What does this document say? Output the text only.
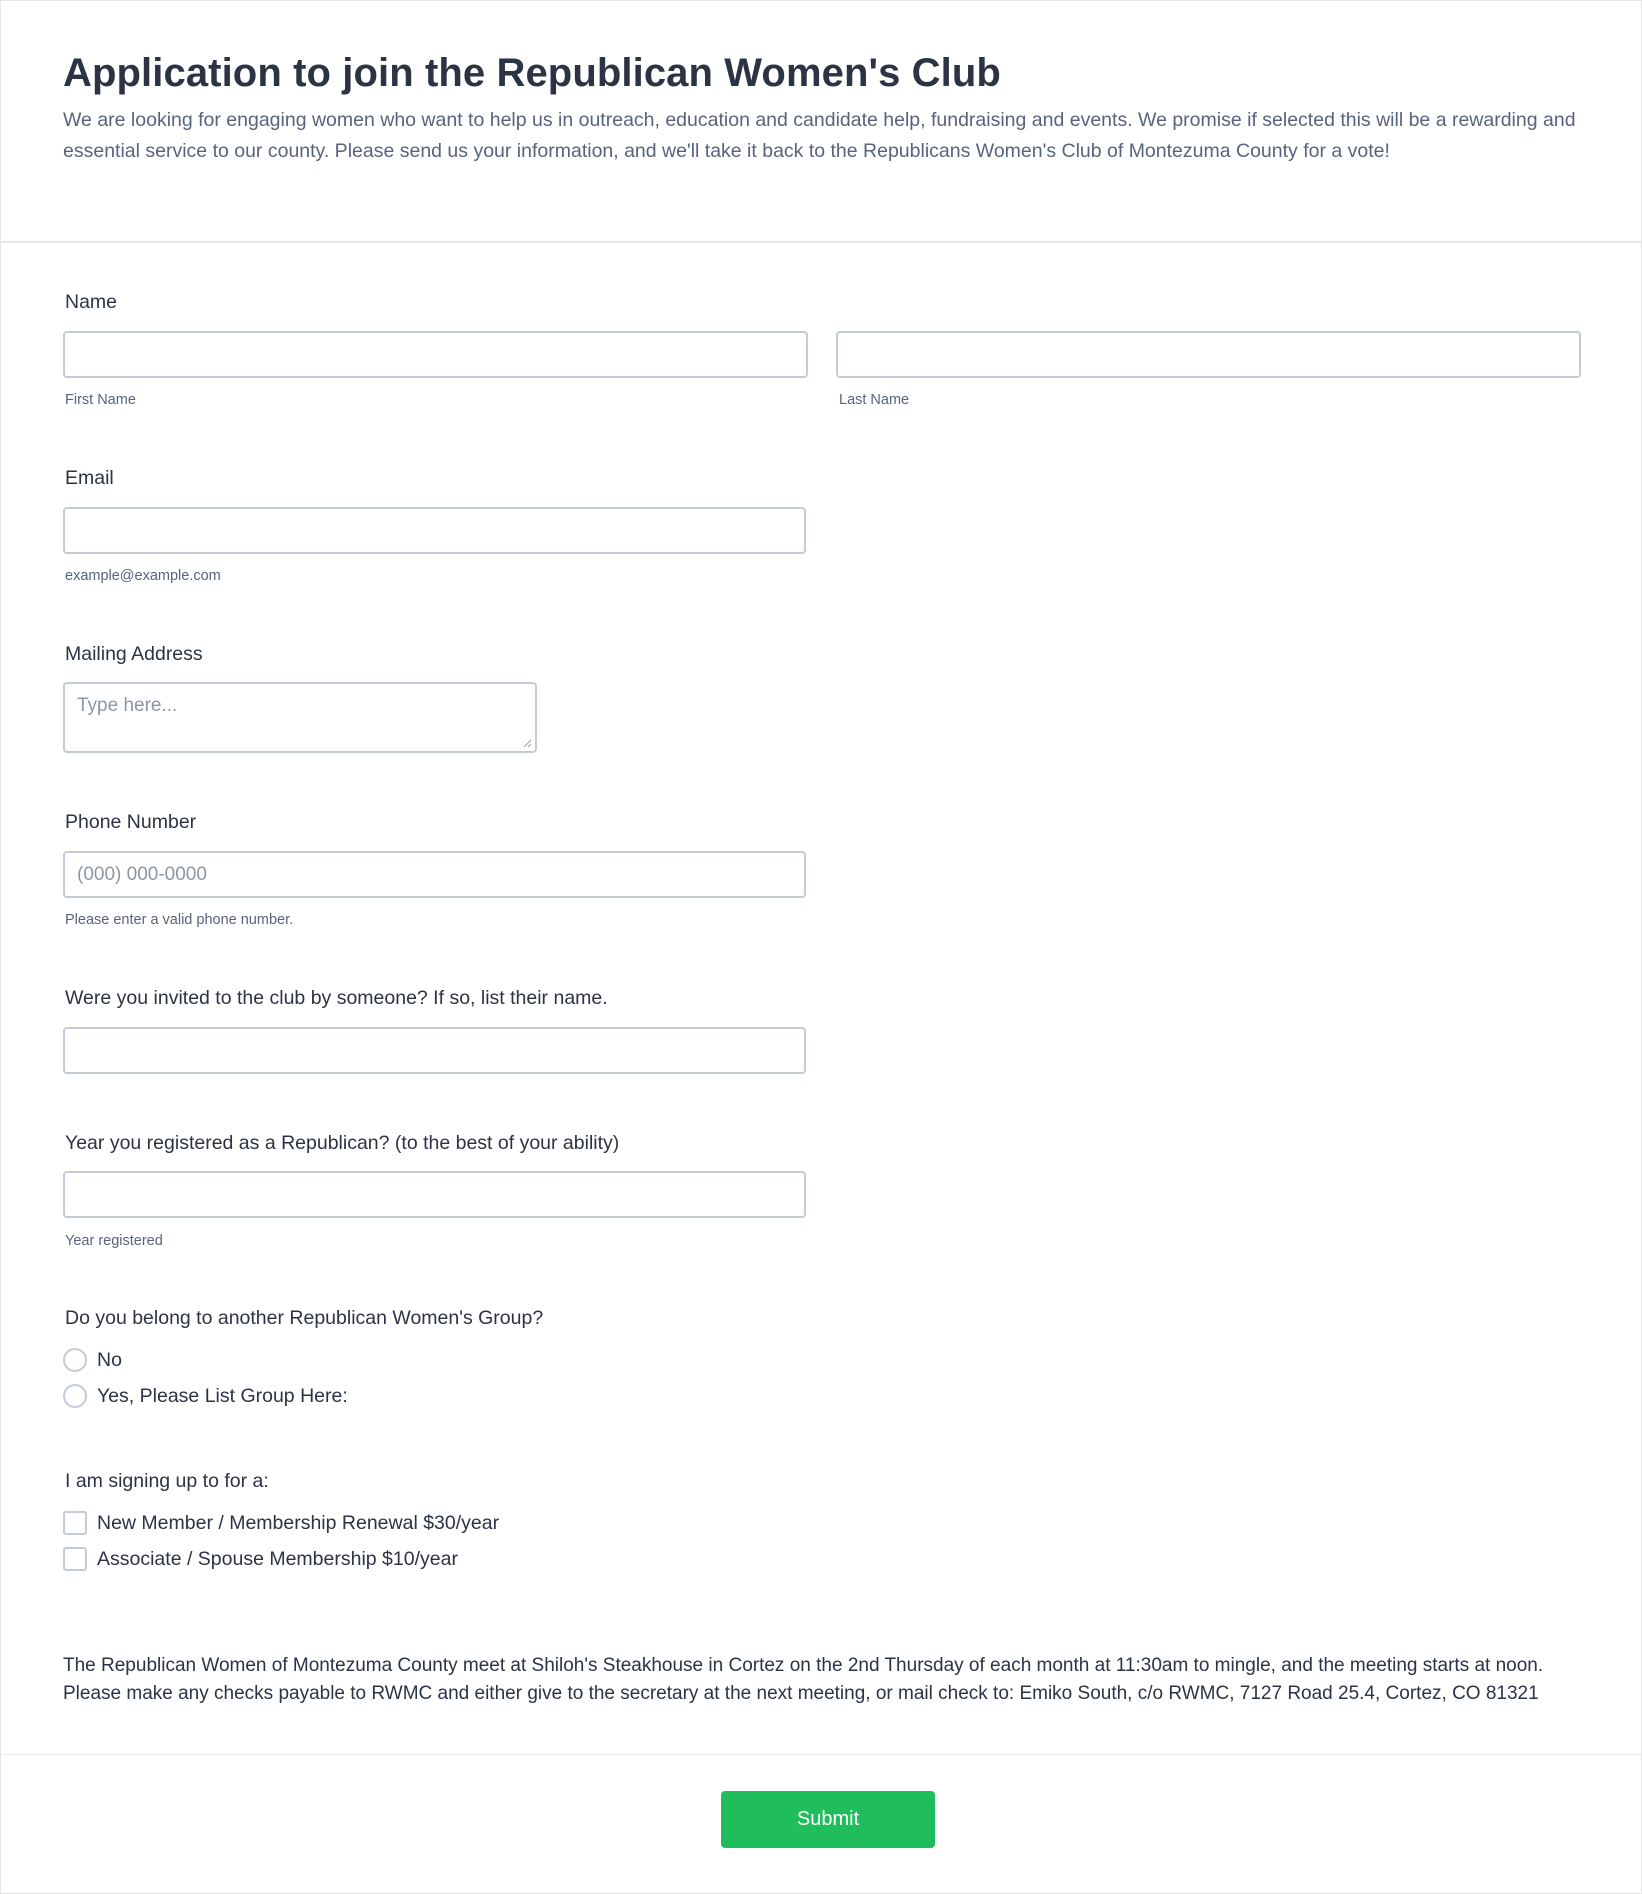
Application to join the Republican Women's Club

We are looking for engaging women who want to help us in outreach, education and candidate help, fundraising and events. We promise if selected this will be a rewarding and essential service to our county. Please send us your information, and we'll take it back to the Republicans Women's Club of Montezuma County for a vote!

Name
First Name	Last Name
Email
example@example.com
Mailing Address
Type here...
Phone Number
(000) 000-0000
Please enter a valid phone number.
Were you invited to the club by someone? If so, list their name.
Year you registered as a Republican? (to the best of your ability)
Year registered
Do you belong to another Republican Women's Group?
No
Yes, Please List Group Here:
I am signing up to for a:
New Member / Membership Renewal $30/year
Associate / Spouse Membership $10/year
The Republican Women of Montezuma County meet at Shiloh's Steakhouse in Cortez on the 2nd Thursday of each month at 11:30am to mingle, and the meeting starts at noon.
Please make any checks payable to RWMC and either give to the secretary at the next meeting, or mail check to: Emiko South, c/o RWMC, 7127 Road 25.4, Cortez, CO 81321
Submit
